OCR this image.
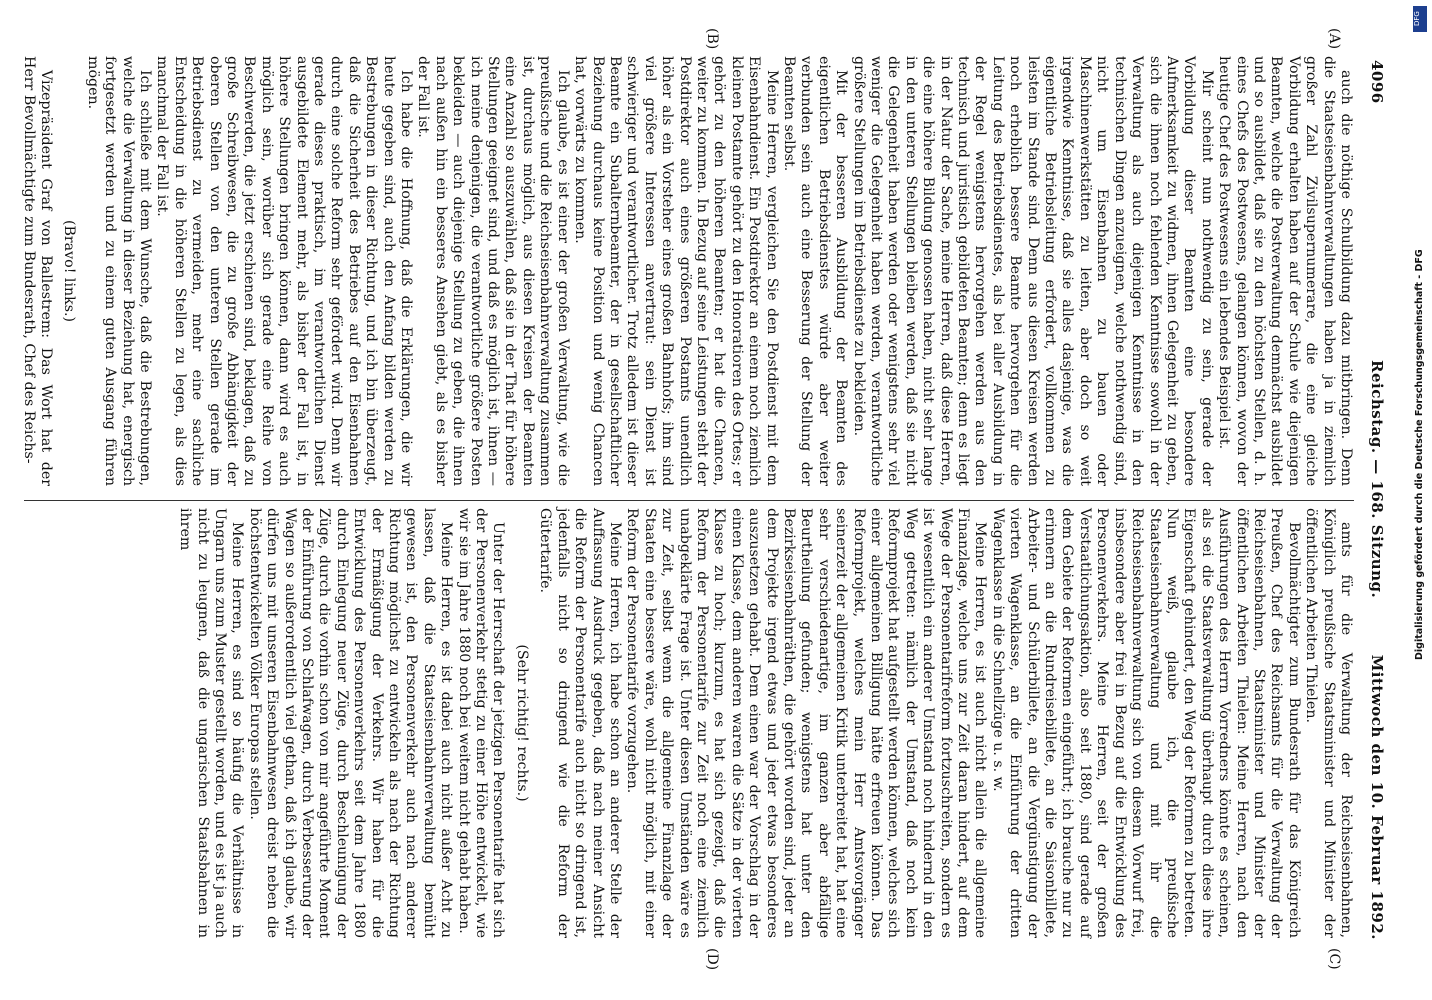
4096
Reichstag. — 168. Sitzung.
Mittwoch den 10. Februar 1892.
(A)
(B)
(C)
(D)

auch die nöthige Schulbildung dazu mitbringen. Denn die Staatseisenbahnverwaltungen haben ja in ziemlich großer Zahl Zivilsupernumerare, die eine gleiche Vorbildung erhalten haben auf der Schule wie diejenigen Beamten, welche die Postverwaltung demnächst ausbildet und so ausbildet, daß sie zu den höchsten Stellen, d. h. eines Chefs des Postwesens, gelangen können, wovon der heutige Chef des Postwesens ein lebendes Beispiel ist.

Mir scheint nun nothwendig zu sein, gerade der Vorbildung dieser Beamten eine besondere Aufmerksamkeit zu widmen, ihnen Gelegenheit zu geben, sich die ihnen noch fehlenden Kenntnisse sowohl in der Verwaltung als auch diejenigen Kenntnisse in den technischen Dingen anzueignen, welche nothwendig sind, nicht um Eisenbahnen zu bauen oder Maschinenwerkstätten zu leiten, aber doch so weit irgendwie Kenntnisse, daß sie alles dasjenige, was die eigentliche Betriebsleitung erfordert, vollkommen zu leisten im Stande sind. Denn aus diesen Kreisen werden noch erheblich bessere Beamte hervorgehen für die Leitung des Betriebsdienstes, als bei aller Ausbildung in der Regel wenigstens hervorgehen werden aus den technisch und juristisch gebildeten Beamten; denn es liegt in der Natur der Sache, meine Herren, daß diese Herren, die eine höhere Bildung genossen haben, nicht sehr lange in den unteren Stellungen bleiben werden, daß sie nicht die Gelegenheit haben werden oder wenigstens sehr viel weniger die Gelegenheit haben werden, verantwortliche größere Stellungen im Betriebsdienste zu bekleiden.

Mit der besseren Ausbildung der Beamten des eigentlichen Betriebsdienstes würde aber weiter verbunden sein auch eine Besserung der Stellung der Beamten selbst.

Meine Herren, vergleichen Sie den Postdienst mit dem Eisenbahndienst. Ein Postdirektor an einem noch ziemlich kleinen Postamte gehört zu den Honoratioren des Ortes; er gehört zu den höheren Beamten; er hat die Chancen, weiter zu kommen. In Bezug auf seine Leistungen steht der Postdirektor auch eines größeren Postamts unendlich höher als ein Vorsteher eines großen Bahnhofs; ihm sind viel größere Interessen anvertraut: sein Dienst ist schwieriger und verantwortlicher. Trotz alledem ist dieser Beamte ein Subalternbeamter, der in gesellschaftlicher Beziehung durchaus keine Position und wenig Chancen hat, vorwärts zu kommen.

Ich glaube, es ist einer der großen Verwaltung, wie die preußische und die Reichseisenbahnverwaltung zusammen ist, durchaus möglich, aus diesen Kreisen der Beamten eine Anzahl so auszuwählen, daß sie in der That für höhere Stellungen geeignet sind, und daß es möglich ist, ihnen — ich meine denjenigen, die verantwortliche größere Posten bekleiden — auch diejenige Stellung zu geben, die ihnen nach außen hin ein besseres Ansehen giebt, als es bisher der Fall ist.

Ich habe die Hoffnung, daß die Erklärungen, die wir heute gegeben sind, auch den Anfang bilden werden zu Bestrebungen in dieser Richtung, und ich bin überzeugt, daß die Sicherheit des Betriebes auf den Eisenbahnen durch eine solche Reform sehr gefördert wird. Denn wir gerade dieses praktisch, im verantwortlichen Dienst ausgebildete Element mehr, als bisher der Fall ist, in höhere Stellungen bringen können, dann wird es auch möglich sein, worüber sich gerade eine Reihe von Beschwerden, die jetzt erschienen sind, beklagen, daß zu große Schreibwesen, die zu große Abhängigkeit der oberen Stellen von den unteren Stellen gerade im Betriebsdienst zu vermeiden, mehr eine sachliche Entscheidung in die höheren Stellen zu legen, als dies manchmal der Fall ist.

Ich schließe mit dem Wunsche, daß die Bestrebungen, welche die Verwaltung in dieser Beziehung hat, energisch fortgesetzt werden und zu einem guten Ausgang führen mögen.

(Bravo! links.)

Vizepräsident Graf von Ballestrem: Das Wort hat der Herr Bevollmächtigte zum Bundesrath, Chef des Reichs-

amts für die Verwaltung der Reichseisenbahnen, Königlich preußische Staatsminister und Minister der öffentlichen Arbeiten Thielen.

Bevollmächtigter zum Bundesrath für das Königreich Preußen, Chef des Reichsamts für die Verwaltung der Reichseisenbahnen, Staatsminister und Minister der öffentlichen Arbeiten Thielen: Meine Herren, nach den Ausführungen des Herrn Vorredners könnte es scheinen, als sei die Staatsverwaltung überhaupt durch diese ihre Eigenschaft gehindert, den Weg der Reformen zu betreten. Nun weiß, glaube ich, die preußische Staatseisenbahnverwaltung und mit ihr die Reichseisenbahnverwaltung sich von diesem Vorwurf frei, insbesondere aber frei in Bezug auf die Entwicklung des Personenverkehrs. Meine Herren, seit der großen Verstaatlichungsaktion, also seit 1880, sind gerade auf dem Gebiete der Reformen eingeführt; ich brauche nur zu erinnern an die Rundreisebillete, an die Saisonbillete, Arbeiter- und Schülerbillete, an die Vergünstigung der vierten Wagenklasse, an die Einführung der dritten Wagenklasse in die Schnellzüge u. s. w.

Meine Herren, es ist auch nicht allein die allgemeine Finanzlage, welche uns zur Zeit daran hindert, auf dem Wege der Personentarifreform fortzuschreiten, sondern es ist wesentlich ein anderer Umstand noch hindernd in den Weg getreten: nämlich der Umstand, daß noch kein Reformprojekt hat aufgestellt werden können, welches sich einer allgemeinen Billigung hätte erfreuen können. Das Reformprojekt, welches mein Herr Amtsvorgänger seinerzeit der allgemeinen Kritik unterbreitet hat, hat eine sehr verschiedenartige, im ganzen aber abfällige Beurtheilung gefunden; wenigstens hat unter den Bezirkseisenbahnräthen, die gehört worden sind, jeder an dem Projekte irgend etwas und jeder etwas besonderes auszusetzen gehabt. Dem einen war der Vorschlag in der einen Klasse, dem anderen waren die Sätze in der vierten Klasse zu hoch; kurzum, es hat sich gezeigt, daß die Reform der Personentarife zur Zeit noch eine ziemlich unabgeklärte Frage ist. Unter diesen Umständen wäre es zur Zeit, selbst wenn die allgemeine Finanzlage der Staaten eine bessere wäre, wohl nicht möglich, mit einer Reform der Personentarife vorzugehen.

Meine Herren, ich habe schon an anderer Stelle der Auffassung Ausdruck gegeben, daß nach meiner Ansicht die Reform der Personentarife auch nicht so dringend ist, jedenfalls nicht so dringend wie die Reform der Gütertarife.

(Sehr richtig! rechts.)

Unter der Herrschaft der jetzigen Personentarife hat sich der Personenverkehr stetig zu einer Höhe entwickelt, wie wir sie im Jahre 1880 noch bei weitem nicht gehabt haben.

Meine Herren, es ist dabei auch nicht außer Acht zu lassen, daß die Staatseisenbahnverwaltung bemüht gewesen ist, den Personenverkehr auch nach anderer Richtung möglichst zu entwickeln als nach der Richtung der Ermäßigung der Verkehrs. Wir haben für die Entwicklung des Personenverkehrs seit dem Jahre 1880 durch Einlegung neuer Züge, durch Beschleunigung der Züge, durch die vorhin schon von mir angeführte Moment der Einführung von Schlafwagen, durch Verbesserung der Wagen so außerordentlich viel gethan, daß ich glaube, wir dürfen uns mit unseren Eisenbahnwesen dreist neben die höchstentwickelten Völker Europas stellen.

Meine Herren, es sind so häufig die Verhältnisse in Ungarn uns zum Muster gestellt worden, und es ist ja auch nicht zu leugnen, daß die ungarischen Staatsbahnen in ihrem

DFG
Digitalisierung gefördert durch die Deutsche Forschungsgemeinschaft - DFG
